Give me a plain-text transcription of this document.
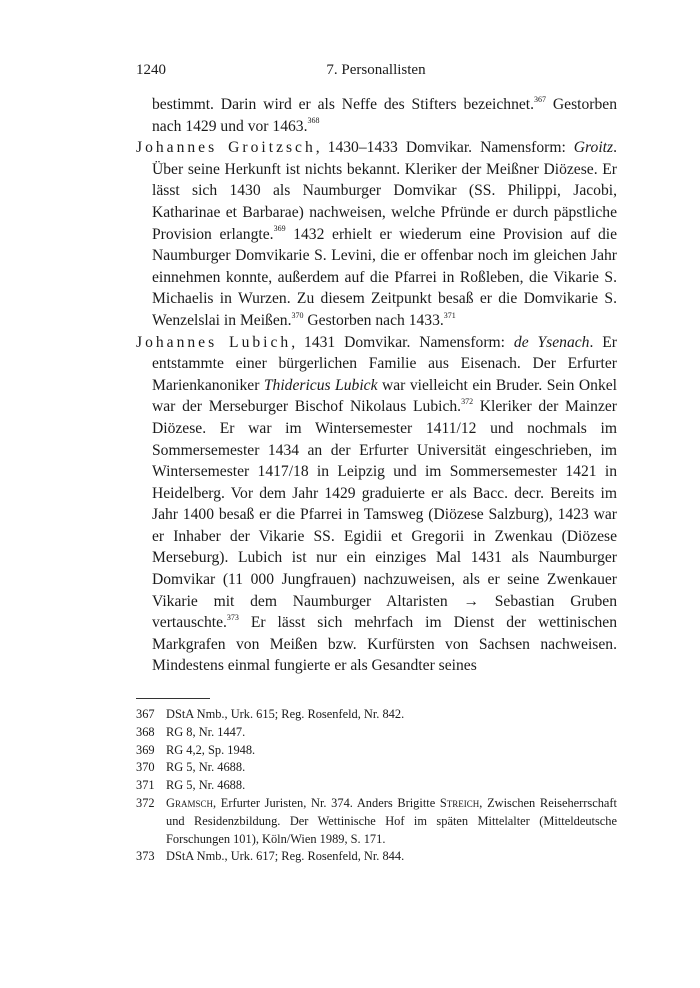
1240	7. Personallisten

bestimmt. Darin wird er als Neffe des Stifters bezeichnet.$^{367}$ Gestorben nach 1429 und vor 1463.$^{368}$

Johannes Groitzsch, 1430–1433 Domvikar. Namensform: Groitz. Über seine Herkunft ist nichts bekannt. Kleriker der Meißner Diözese. Er lässt sich 1430 als Naumburger Domvikar (SS. Philippi, Jacobi, Katharinae et Barbarae) nachweisen, welche Pfründe er durch päpstliche Provision erlangte.$^{369}$ 1432 erhielt er wiederum eine Provision auf die Naumburger Domvikarie S. Levini, die er offenbar noch im gleichen Jahr einnehmen konnte, außerdem auf die Pfarrei in Roßleben, die Vikarie S. Michaelis in Wurzen. Zu diesem Zeitpunkt besaß er die Domvikarie S. Wenzelslai in Meißen.$^{370}$ Gestorben nach 1433.$^{371}$

Johannes Lubich, 1431 Domvikar. Namensform: de Ysenach. Er entstammte einer bürgerlichen Familie aus Eisenach. Der Erfurter Marienkanoniker Thidericus Lubick war vielleicht ein Bruder. Sein Onkel war der Merseburger Bischof Nikolaus Lubich.$^{372}$ Kleriker der Mainzer Diözese. Er war im Wintersemester 1411/12 und nochmals im Sommersemester 1434 an der Erfurter Universität eingeschrieben, im Wintersemester 1417/18 in Leipzig und im Sommersemester 1421 in Heidelberg. Vor dem Jahr 1429 graduierte er als Bacc. decr. Bereits im Jahr 1400 besaß er die Pfarrei in Tamsweg (Diözese Salzburg), 1423 war er Inhaber der Vikarie SS. Egidii et Gregorii in Zwenkau (Diözese Merseburg). Lubich ist nur ein einziges Mal 1431 als Naumburger Domvikar (11 000 Jungfrauen) nachzuweisen, als er seine Zwenkauer Vikarie mit dem Naumburger Altaristen → Sebastian Gruben vertauschte.$^{373}$ Er lässt sich mehrfach im Dienst der wettinischen Markgrafen von Meißen bzw. Kurfürsten von Sachsen nachweisen. Mindestens einmal fungierte er als Gesandter seines

367 DStA Nmb., Urk. 615; Reg. Rosenfeld, Nr. 842.
368 RG 8, Nr. 1447.
369 RG 4,2, Sp. 1948.
370 RG 5, Nr. 4688.
371 RG 5, Nr. 4688.
372 Gramsch, Erfurter Juristen, Nr. 374. Anders Brigitte Streich, Zwischen Reiseherrschaft und Residenzbildung. Der Wettinische Hof im späten Mittelalter (Mitteldeutsche Forschungen 101), Köln/Wien 1989, S. 171.
373 DStA Nmb., Urk. 617; Reg. Rosenfeld, Nr. 844.
